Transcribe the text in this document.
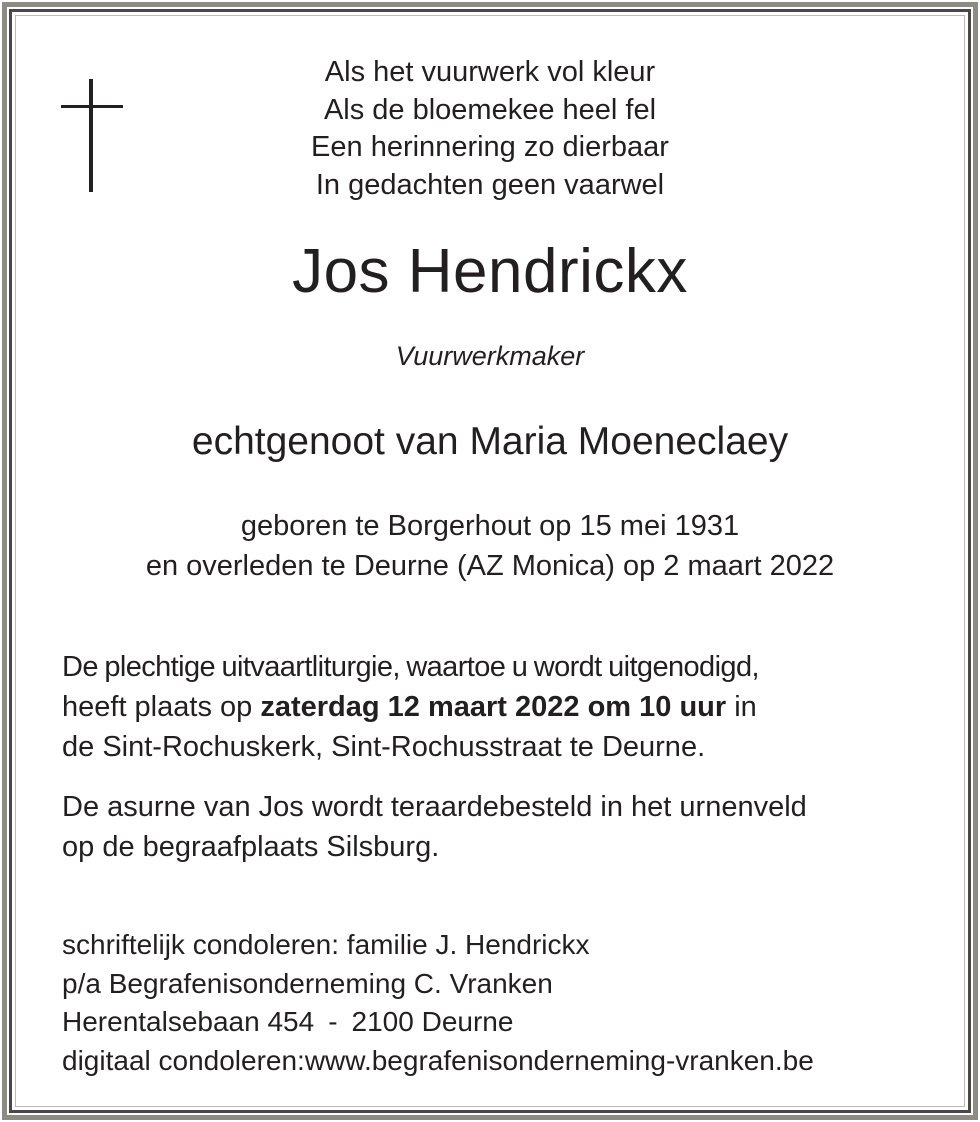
Als het vuurwerk vol kleur
Als de bloemekee heel fel
Een herinnering zo dierbaar
In gedachten geen vaarwel
Jos Hendrickx
Vuurwerkmaker
echtgenoot van Maria Moeneclaey
geboren te Borgerhout op 15 mei 1931
en overleden te Deurne (AZ Monica) op 2 maart 2022
De plechtige uitvaartliturgie, waartoe u wordt uitgenodigd,
heeft plaats op zaterdag 12 maart 2022 om 10 uur in
de Sint-Rochuskerk, Sint-Rochusstraat te Deurne.
De asurne van Jos wordt teraardebesteld in het urnenveld
op de begraafplaats Silsburg.
schriftelijk condoleren: familie J. Hendrickx
p/a Begrafenisonderneming C. Vranken
Herentalsebaan 454 - 2100 Deurne
digitaal condoleren:www.begrafenisonderneming-vranken.be
